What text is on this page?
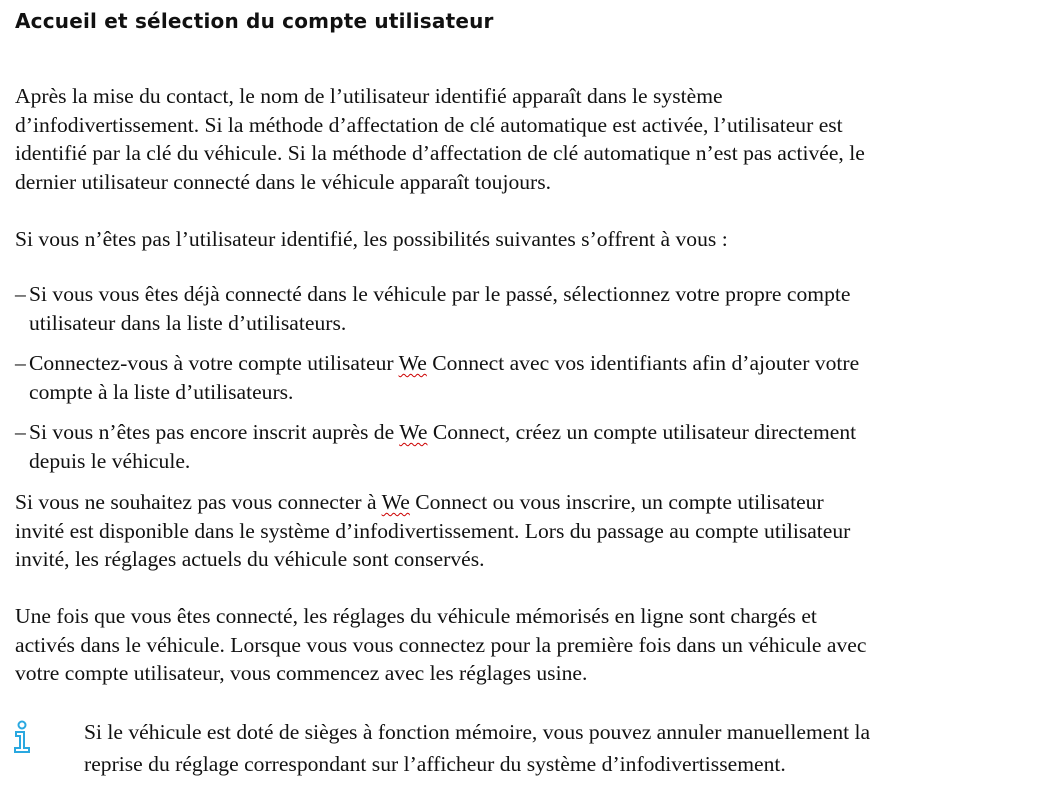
Accueil et sélection du compte utilisateur
Après la mise du contact, le nom de l’utilisateur identifié apparaît dans le système
d’infodivertissement. Si la méthode d’affectation de clé automatique est activée, l’utilisateur est
identifié par la clé du véhicule. Si la méthode d’affectation de clé automatique n’est pas activée, le
dernier utilisateur connecté dans le véhicule apparaît toujours.
Si vous n’êtes pas l’utilisateur identifié, les possibilités suivantes s’offrent à vous :
– Si vous vous êtes déjà connecté dans le véhicule par le passé, sélectionnez votre propre compte
utilisateur dans la liste d’utilisateurs.
– Connectez-vous à votre compte utilisateur We Connect avec vos identifiants afin d’ajouter votre
compte à la liste d’utilisateurs.
– Si vous n’êtes pas encore inscrit auprès de We Connect, créez un compte utilisateur directement
depuis le véhicule.
Si vous ne souhaitez pas vous connecter à We Connect ou vous inscrire, un compte utilisateur
invité est disponible dans le système d’infodivertissement. Lors du passage au compte utilisateur
invité, les réglages actuels du véhicule sont conservés.
Une fois que vous êtes connecté, les réglages du véhicule mémorisés en ligne sont chargés et
activés dans le véhicule. Lorsque vous vous connectez pour la première fois dans un véhicule avec
votre compte utilisateur, vous commencez avec les réglages usine.
Si le véhicule est doté de sièges à fonction mémoire, vous pouvez annuler manuellement la
reprise du réglage correspondant sur l’afficheur du système d’infodivertissement.
